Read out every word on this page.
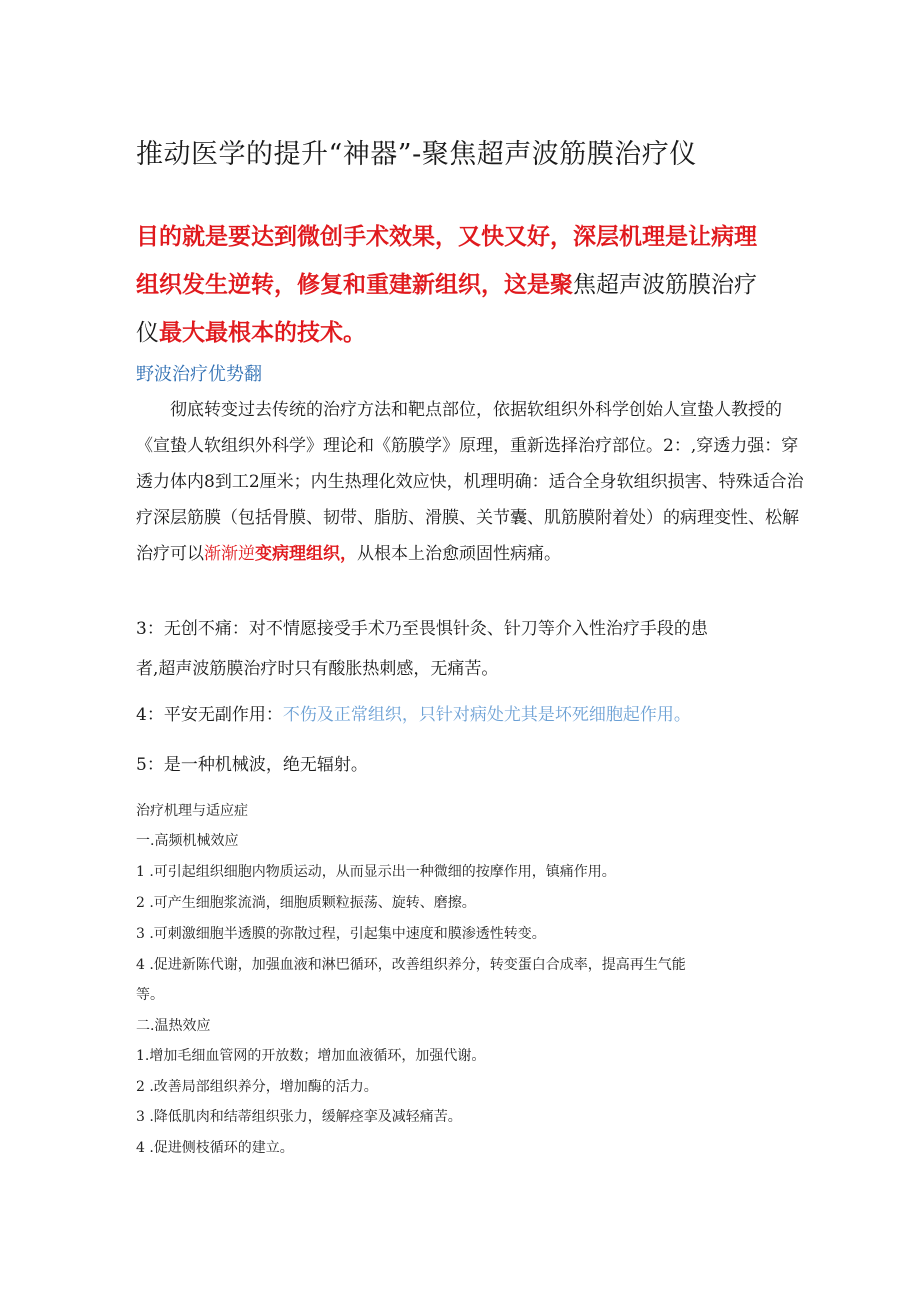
推动医学的提升“神器”-聚焦超声波筋膜治疗仪
目的就是要达到微创手术效果，又快又好，深层机理是让病理
组织发生逆转，修复和重建新组织，这是聚焦超声波筋膜治疗
仪最大最根本的技术。
野波治疗优势翻

彻底转变过去传统的治疗方法和靶点部位，依据软组织外科学创始人宣蛰人教授的《宣蛰人软组织外科学》理论和《筋膜学》原理，重新选择治疗部位。2：,穿透力强：穿透力体内8到工2厘米；内生热理化效应快，机理明确：适合全身软组织损害、特殊适合治疗深层筋膜（包括骨膜、韧带、脂肪、滑膜、关节囊、肌筋膜附着处）的病理变性、松解治疗可以渐渐逆变病理组织，从根本上治愈顽固性病痛。

3：无创不痛：对不情愿接受手术乃至畏惧针灸、针刀等介入性治疗手段的患
者,超声波筋膜治疗时只有酸胀热刺感，无痛苦。
4：平安无副作用：不伤及正常组织，只针对病处尤其是坏死细胞起作用。
5：是一种机械波，绝无辐射。
治疗机理与适应症
一.高频机械效应
1 .可引起组织细胞内物质运动，从而显示出一种微细的按摩作用，镇痛作用。
2 .可产生细胞浆流淌，细胞质颗粒振荡、旋转、磨擦。
3 .可刺激细胞半透膜的弥散过程，引起集中速度和膜渗透性转变。
4 .促进新陈代谢，加强血液和淋巴循环，改善组织养分，转变蛋白合成率，提高再生气能
等。
二.温热效应
1.增加毛细血管网的开放数；增加血液循环，加强代谢。
2 .改善局部组织养分，增加酶的活力。
3 .降低肌肉和结蒂组织张力，缓解痉挛及减轻痛苦。
4 .促进侧枝循环的建立。
